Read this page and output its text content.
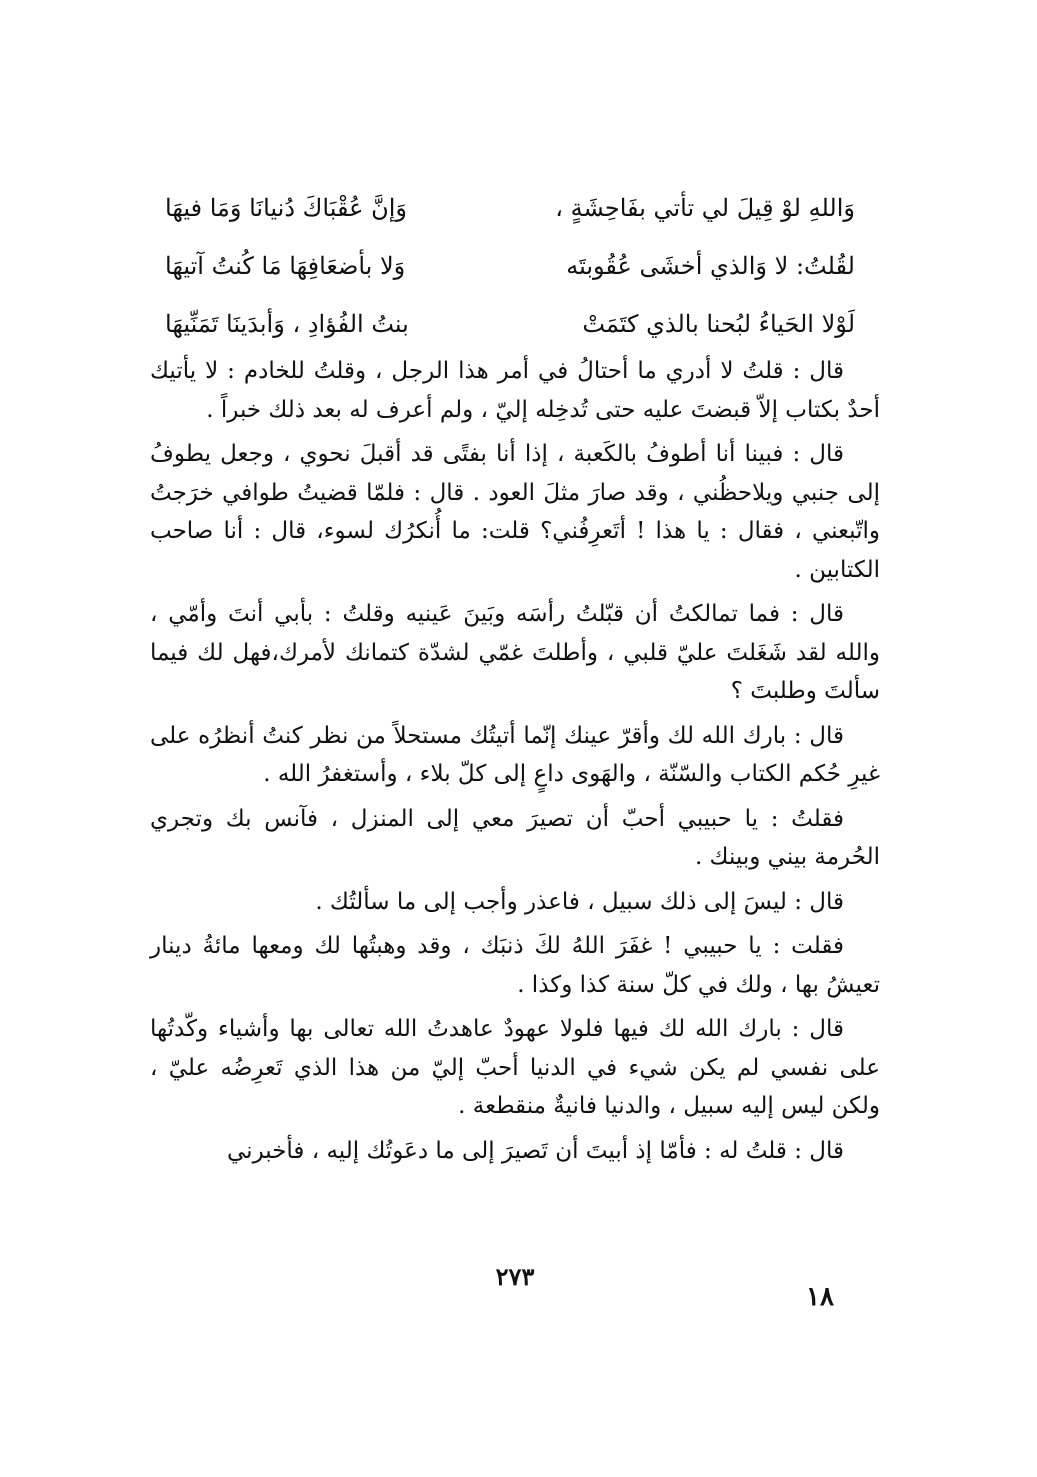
وَاللهِ لوْ قِيلَ لي تأتي بفَاحِشَةٍ ،
وَإنَّ عُقْبَاكَ دُنيانَا وَمَا فيهَا
لقُلتُ: لا وَالذي أخشَى عُقُوبتَه
وَلا بأضعَافِهَا مَا كُنتُ آتيهَا
لَوْلا الحَياءُ لبُحنا بالذي كتَمَتْ
بنتُ الفُؤادِ ، وَأبدَينَا تَمَنِّيهَا

قال : قلتُ لا أدري ما أحتالُ في أمر هذا الرجل ، وقلتُ للخادم : لا يأتيك أحدٌ بكتاب إلاّ قبضتَ عليه حتى تُدخِله إليّ ، ولم أعرف له بعد ذلك خبراً .

قال : فبينا أنا أطوفُ بالكَعبة ، إذا أنا بفتًى قد أقبلَ نحوي ، وجعل يطوفُ إلى جنبي ويلاحظُني ، وقد صارَ مثلَ العود . قال : فلمّا قضيتُ طوافي خرَجتُ واتّبعني ، فقال : يا هذا ! أتَعرِفُني؟ قلت: ما أُنكرُك لسوء، قال : أنا صاحب الكتابين .

قال : فما تمالكتُ أن قبّلتُ رأسَه وبَينَ عَينيه وقلتُ : بأبي أنتَ وأمّي ، والله لقد شَغَلتَ عليّ قلبي ، وأطلتَ غمّي لشدّة كتمانك لأمرك،فهل لك فيما سألتَ وطلبتَ ؟

قال : بارك الله لك وأقرّ عينك إنّما أتيتُك مستحلاً من نظر كنتُ أنظرُه على غيرِ حُكم الكتاب والسّنّة ، والهَوى داعٍ إلى كلّ بلاء ، وأستغفرُ الله .

فقلتُ : يا حبيبي أحبّ أن تصيرَ معي إلى المنزل ، فآنس بك وتجري الحُرمة بيني وبينك .

قال : ليسَ إلى ذلك سبيل ، فاعذر وأجب إلى ما سألتُك .

فقلت : يا حبيبي ! غفَرَ اللهُ لكَ ذنبَك ، وقد وهبتُها لك ومعها مائةُ دينار تعيشُ بها ، ولك في كلّ سنة كذا وكذا .

قال : بارك الله لك فيها فلولا عهودٌ عاهدتُ الله تعالى بها وأشياء وكّدتُها على نفسي لم يكن شيء في الدنيا أحبّ إليّ من هذا الذي تَعرِضُه عليّ ، ولكن ليس إليه سبيل ، والدنيا فانيةٌ منقطعة .

قال : قلتُ له : فأمّا إذ أبيتَ أن تَصيرَ إلى ما دعَوتُك إليه ، فأخبرني

٢٧٣
١٨
